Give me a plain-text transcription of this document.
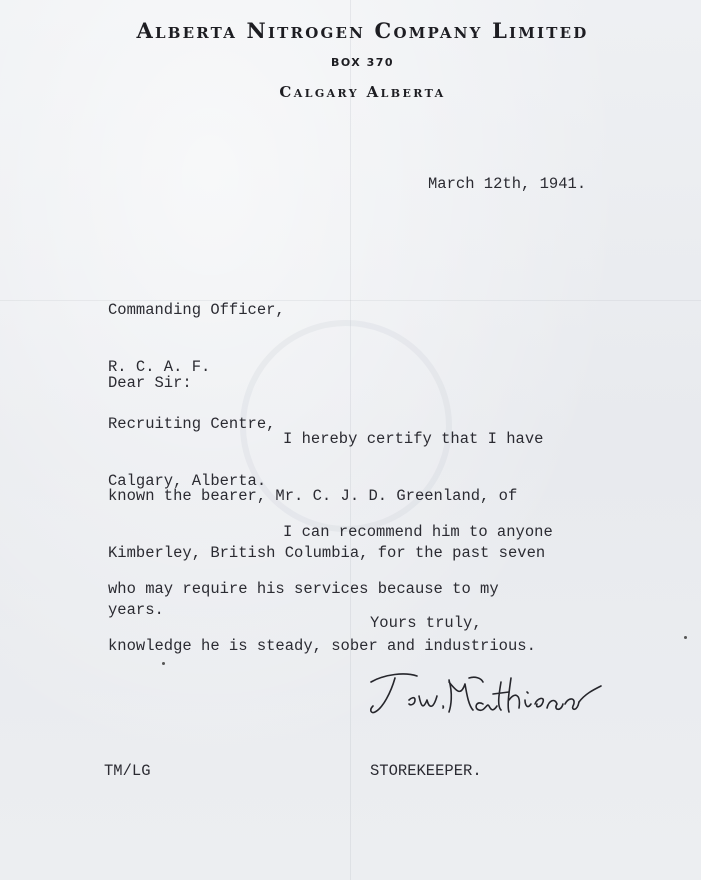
Alberta Nitrogen Company Limited

BOX 370

Calgary Alberta

March 12th, 1941.

Commanding Officer,

R. C. A. F.

Recruiting Centre,

Calgary, Alberta.

Dear Sir:

I hereby certify that I have

known the bearer, Mr. C. J. D. Greenland, of

Kimberley, British Columbia, for the past seven

years.

I can recommend him to anyone

who may require his services because to my

knowledge he is steady, sober and industrious.

Yours truly,

TM/LG	STOREKEEPER.
